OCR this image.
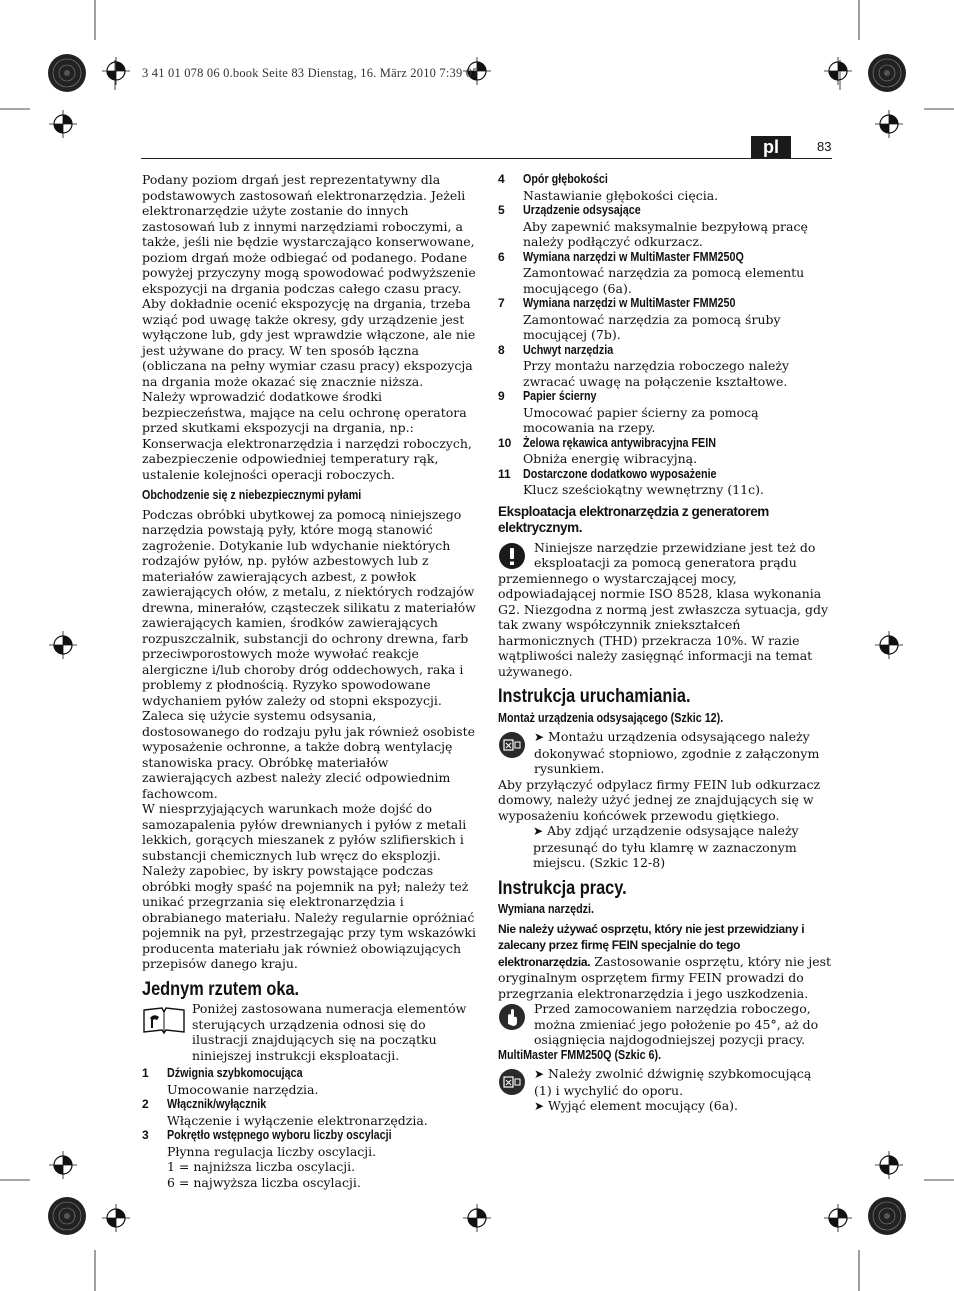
3 41 01 078 06 0.book Seite 83 Dienstag, 16. März 2010 7:39 07
pl	83

Podany poziom drgań jest reprezentatywny dla podstawowych zastosowań elektronarzędzia. Jeżeli elektronarzędzie użyte zostanie do innych zastosowań lub z innymi narzędziami roboczymi, a także, jeśli nie będzie wystarczająco konserwowane, poziom drgań może odbiegać od podanego. Podane powyżej przyczyny mogą spowodować podwyższenie ekspozycji na drgania podczas całego czasu pracy.

Aby dokładnie ocenić ekspozycję na drgania, trzeba wziąć pod uwagę także okresy, gdy urządzenie jest wyłączone lub, gdy jest wprawdzie włączone, ale nie jest używane do pracy. W ten sposób łączna (obliczana na pełny wymiar czasu pracy) ekspozycja na drgania może okazać się znacznie niższa.

Należy wprowadzić dodatkowe środki bezpieczeństwa, mające na celu ochronę operatora przed skutkami ekspozycji na drgania, np.: Konserwacja elektronarzędzia i narzędzi roboczych, zabezpieczenie odpowiedniej temperatury rąk, ustalenie kolejności operacji roboczych.

Obchodzenie się z niebezpiecznymi pyłami

Podczas obróbki ubytkowej za pomocą niniejszego narzędzia powstają pyły, które mogą stanowić zagrożenie. Dotykanie lub wdychanie niektórych rodzajów pyłów, np. pyłów azbestowych lub z materiałów zawierających azbest, z powłok zawierających ołów, z metalu, z niektórych rodzajów drewna, minerałów, cząsteczek silikatu z materiałów zawierających kamien, środków zawierających rozpuszczalnik, substancji do ochrony drewna, farb przeciwporostowych może wywołać reakcje alergiczne i/lub choroby dróg oddechowych, raka i problemy z płodnością. Ryzyko spowodowane wdychaniem pyłów zależy od stopni ekspozycji. Zaleca się użycie systemu odsysania, dostosowanego do rodzaju pyłu jak również osobiste wyposażenie ochronne, a także dobrą wentylację stanowiska pracy. Obróbkę materiałów zawierających azbest należy zlecić odpowiednim fachowcom.

W niesprzyjających warunkach może dojść do samozapalenia pyłów drewnianych i pyłów z metali lekkich, gorących mieszanek z pyłów szlifierskich i substancji chemicznych lub wręcz do eksplozji. Należy zapobiec, by iskry powstające podczas obróbki mogły spaść na pojemnik na pył; należy też unikać przegrzania się elektronarzędzia i obrabianego materiału. Należy regularnie opróżniać pojemnik na pył, przestrzegając przy tym wskazówki producenta materiału jak również obowiązujących przepisów danego kraju.

Jednym rzutem oka.

Poniżej zastosowana numeracja elementów sterujących urządzenia odnosi się do ilustracji znajdujących się na początku niniejszej instrukcji eksploatacji.

1 Dźwignia szybkomocująca
Umocowanie narzędzia.
2 Włącznik/wyłącznik
Włączenie i wyłączenie elektronarzędzia.
3 Pokrętło wstępnego wyboru liczby oscylacji
Płynna regulacja liczby oscylacji.
1 = najniższa liczba oscylacji.
6 = najwyższa liczba oscylacji.
4 Opór głębokości
Nastawianie głębokości cięcia.
5 Urządzenie odsysające
Aby zapewnić maksymalnie bezpyłową pracę należy podłączyć odkurzacz.
6 Wymiana narzędzi w MultiMaster FMM250Q
Zamontować narzędzia za pomocą elementu mocującego (6a).
7 Wymiana narzędzi w MultiMaster FMM250
Zamontować narzędzia za pomocą śruby mocującej (7b).
8 Uchwyt narzędzia
Przy montażu narzędzia roboczego należy zwracać uwagę na połączenie kształtowe.
9 Papier ścierny
Umocować papier ścierny za pomocą mocowania na rzepy.
10 Żelowa rękawica antywibracyjna FEIN
Obniża energię wibracyjną.
11 Dostarczone dodatkowo wyposażenie
Klucz sześciokątny wewnętrzny (11c).

Eksploatacja elektronarzędzia z generatorem elektrycznym.

Niniejsze narzędzie przewidziane jest też do eksploatacji za pomocą generatora prądu przemiennego o wystarczającej mocy, odpowiadającej normie ISO 8528, klasa wykonania G2. Niezgodna z normą jest zwłaszcza sytuacja, gdy tak zwany współczynnik zniekształceń harmonicznych (THD) przekracza 10%. W razie wątpliwości należy zasięgnąć informacji na temat używanego.

Instrukcja uruchamiania.
Montaż urządzenia odsysającego (Szkic 12).

➤ Montażu urządzenia odsysającego należy dokonywać stopniowo, zgodnie z załączonym rysunkiem.

Aby przyłączyć odpylacz firmy FEIN lub odkurzacz domowy, należy użyć jednej ze znajdujących się w wyposażeniu końcówek przewodu giętkiego.

➤ Aby zdjąć urządzenie odsysające należy przesunąć do tyłu klamrę w zaznaczonym miejscu. (Szkic 12-8)

Instrukcja pracy.
Wymiana narzędzi.

Nie należy używać osprzętu, który nie jest przewidziany i zalecany przez firmę FEIN specjalnie do tego elektronarzędzia. Zastosowanie osprzętu, który nie jest oryginalnym osprzętem firmy FEIN prowadzi do przegrzania elektronarzędzia i jego uszkodzenia.

Przed zamocowaniem narzędzia roboczego, można zmieniać jego położenie po 45°, aż do osiągnięcia najdogodniejszej pozycji pracy.

MultiMaster FMM250Q (Szkic 6).

➤ Należy zwolnić dźwignię szybkomocującą (1) i wychylić do oporu.

➤ Wyjąć element mocujący (6a).
